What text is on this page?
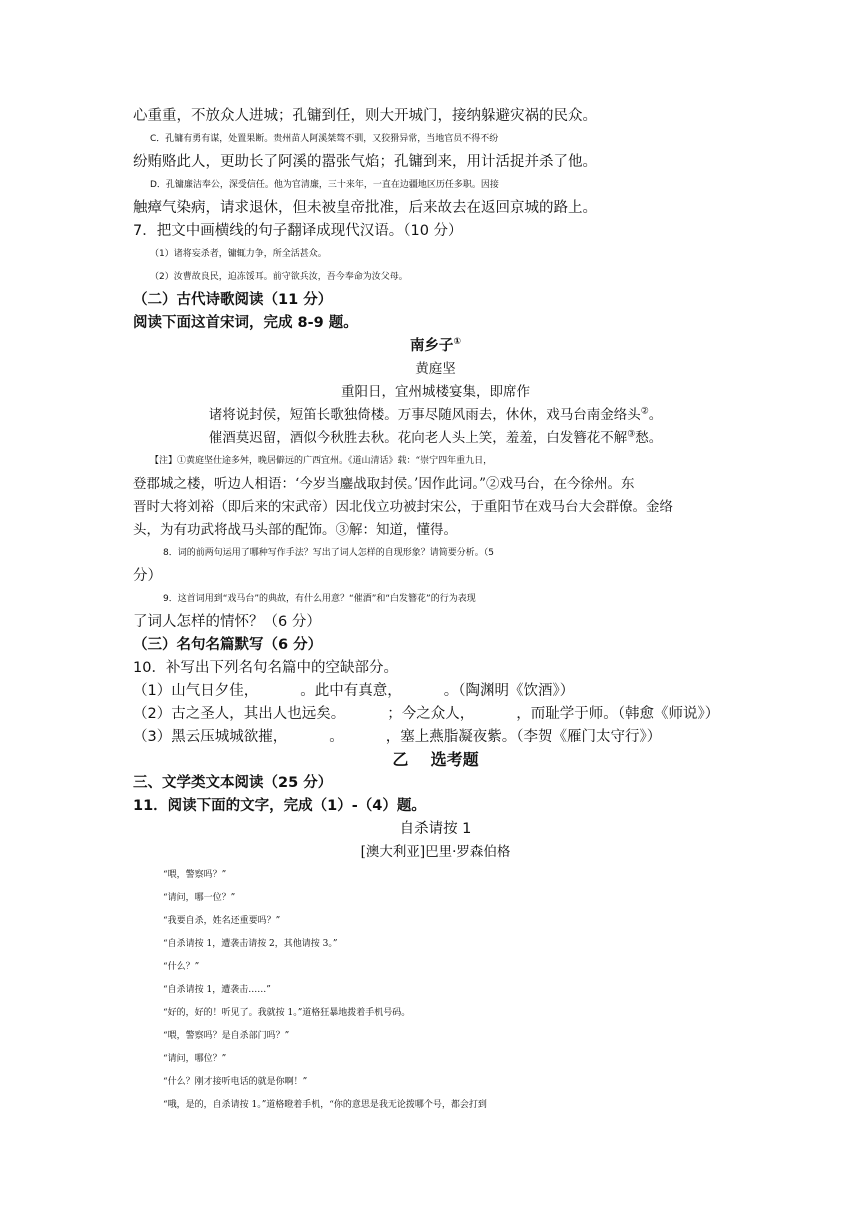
心重重，不放众人进城；孔镛到任，则大开城门，接纳躲避灾祸的民众。
C．孔镛有勇有谋，处置果断。贵州苗人阿溪桀骜不驯，又狡猾异常，当地官员不得不纷
纷贿赂此人，更助长了阿溪的嚣张气焰；孔镛到来，用计活捉并杀了他。
D．孔镛廉洁奉公，深受信任。他为官清廉，三十来年，一直在边疆地区历任多职。因接
触瘴气染病，请求退休，但未被皇帝批准，后来故去在返回京城的路上。
7．把文中画横线的句子翻译成现代汉语。（10 分）
（1）诸将妄杀者，镛辄力争，所全活甚众。
（2）汝曹故良民，迫冻馁耳。前守欲兵汝，吾今奉命为汝父母。
（二）古代诗歌阅读（11 分）
阅读下面这首宋词，完成 8-9 题。
南乡子①
黄庭坚
重阳日，宜州城楼宴集，即席作
诸将说封侯，短笛长歌独倚楼。万事尽随风雨去，休休，戏马台南金络头②。
催酒莫迟留，酒似今秋胜去秋。花向老人头上笑，羞羞，白发簪花不解③愁。
【注】①黄庭坚仕途多舛，晚居僻远的广西宜州。《道山清话》载：“崇宁四年重九日，
登郡城之楼，听边人相语：‘今岁当鏖战取封侯。’因作此词。”②戏马台，在今徐州。东
晋时大将刘裕（即后来的宋武帝）因北伐立功被封宋公，于重阳节在戏马台大会群僚。金络
头，为有功武将战马头部的配饰。③解：知道，懂得。
8．词的前两句运用了哪种写作手法？写出了词人怎样的自现形象？请简要分析。（5
分）
9．这首词用到“戏马台”的典故，有什么用意？“催酒”和“白发簪花”的行为表现
了词人怎样的情怀？（6 分）
（三）名句名篇默写（6 分）
10．补写出下列名句名篇中的空缺部分。
（1）山气日夕佳，	。此中有真意，	。（陶渊明《饮酒》）
（2）古之圣人，其出人也远矣。	；今之众人，	，而耻学于师。（韩愈《师说》）
（3）黑云压城城欲摧，	。	，塞上燕脂凝夜紫。（李贺《雁门太守行》）
乙    选考题
三、文学类文本阅读（25 分）
11．阅读下面的文字，完成（1）-（4）题。
自杀请按 1
[澳大利亚]巴里·罗森伯格
“喂，警察吗？”
“请问，哪一位？”
“我要自杀，姓名还重要吗？”
“自杀请按 1，遭袭击请按 2，其他请按 3。”
“什么？”
“自杀请按 1，遭袭击……”
“好的，好的！听见了。我就按 1。”道格狂暴地拨着手机号码。
“喂，警察吗？是自杀部门吗？”
“请问，哪位？”
“什么？刚才接听电话的就是你啊！”
“哦，是的，自杀请按 1。”道格瞪着手机，“你的意思是我无论拨哪个号，都会打到
